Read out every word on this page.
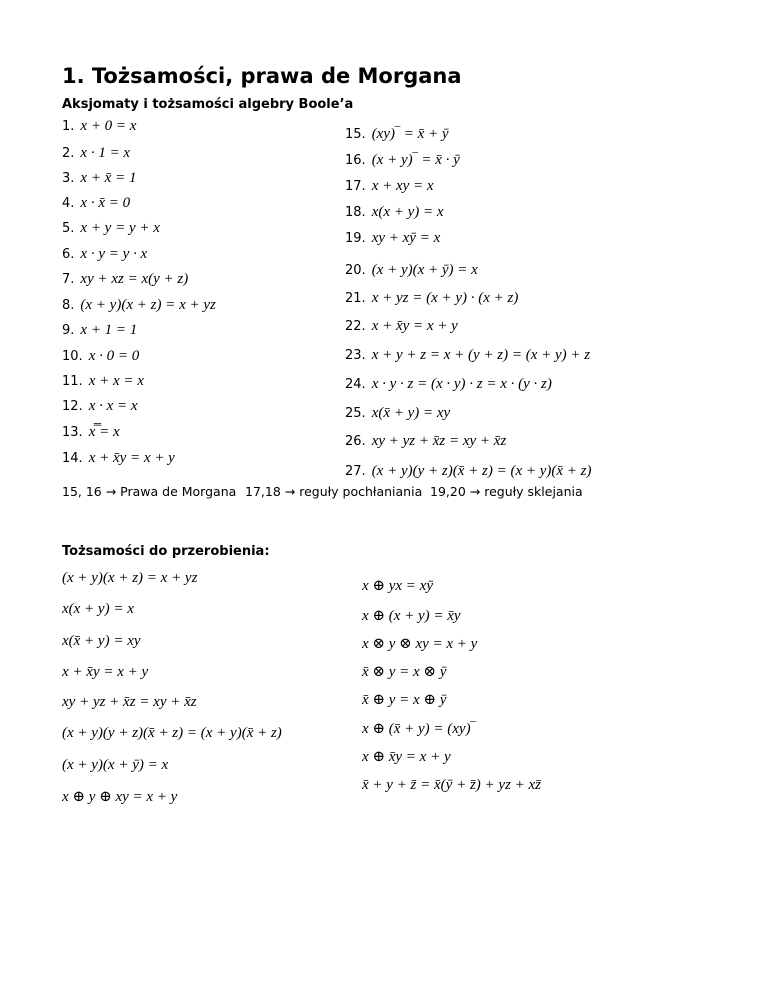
1. Tożsamości, prawa de Morgana
Aksjomaty i tożsamości algebry Boole’a
1. x + 0 = x
2. x · 1 = x
3. x + x̄ = 1
4. x · x̄ = 0
5. x + y = y + x
6. x · y = y · x
7. xy + xz = x(y + z)
8. (x + y)(x + z) = x + yz
9. x + 1 = 1
10. x · 0 = 0
11. x + x = x
12. x · x = x
13. x̿ = x
14. x + x̄y = x + y
15. (xy)‾ = x̄ + ȳ
16. (x + y)‾ = x̄ · ȳ
17. x + xy = x
18. x(x + y) = x
19. xy + xȳ = x
20. (x + y)(x + ȳ) = x
21. x + yz = (x + y) · (x + z)
22. x + x̄y = x + y
23. x + y + z = x + (y + z) = (x + y) + z
24. x · y · z = (x · y) · z = x · (y · z)
25. x(x̄ + y) = xy
26. xy + yz + x̄z = xy + x̄z
27. (x + y)(y + z)(x̄ + z) = (x + y)(x̄ + z)
15, 16 → Prawa de Morgana 17,18 → reguły pochłaniania 19,20 → reguły sklejania
Tożsamości do przerobienia:
(x + y)(x + z) = x + yz
x(x + y) = x
x(x̄ + y) = xy
x + x̄y = x + y
xy + yz + x̄z = xy + x̄z
(x + y)(y + z)(x̄ + z) = (x + y)(x̄ + z)
(x + y)(x + ȳ) = x
x ⊕ y ⊕ xy = x + y
x ⊕ yx = xȳ
x ⊕ (x + y) = x̄y
x ⊗ y ⊗ xy = x + y
x̄ ⊗ y = x ⊗ ȳ
x̄ ⊕ y = x ⊕ ȳ
x ⊕ (x̄ + y) = (xy)‾
x ⊕ x̄y = x + y
x̄ + y + z̄ = x̄(ȳ + z̄) + yz + xz̄
